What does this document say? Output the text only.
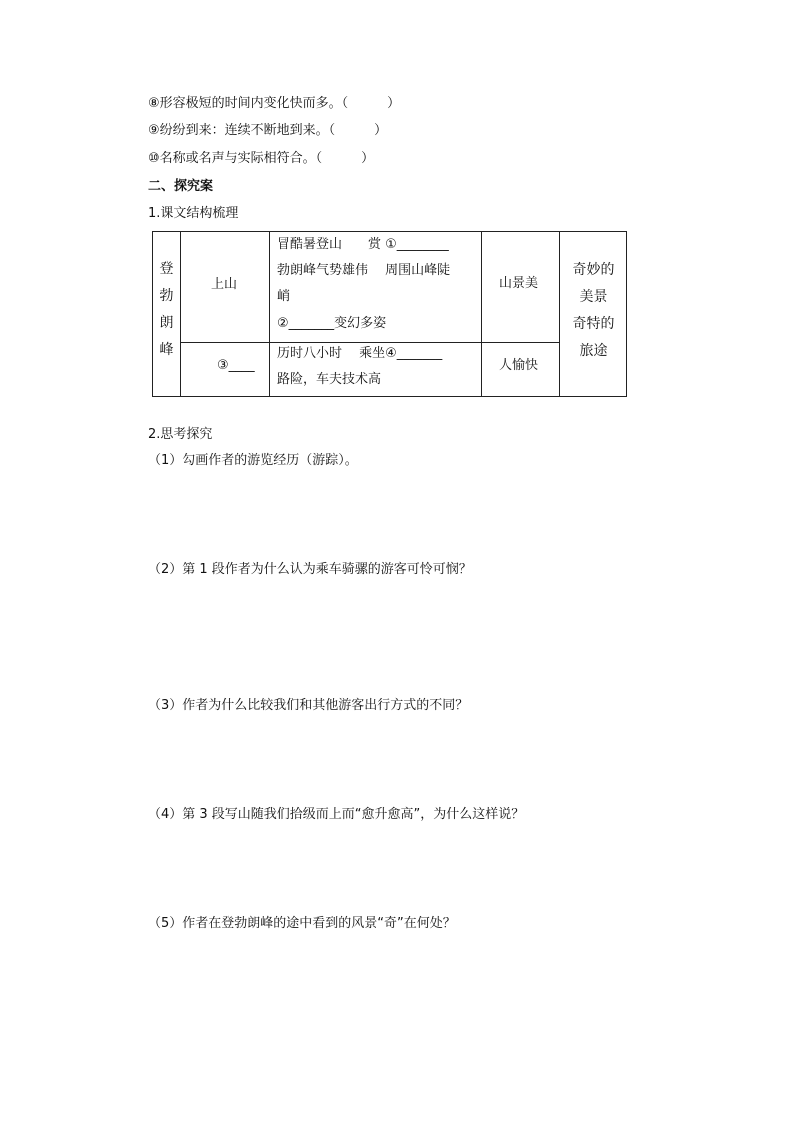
⑧形容极短的时间内变化快而多。（　　　）
⑨纷纷到来：连续不断地到来。（　　　）
⑩名称或名声与实际相符合。（　　　）
二、探究案
1.课文结构梳理
登
勃
朗
峰
上山
③____
冒酷暑登山　　赏 ①________
勃朗峰气势雄伟　 周围山峰陡
峭
②_______变幻多姿
历时八小时　 乘坐④_______
路险，车夫技术高
山景美
人愉快
奇妙的
美景
奇特的
旅途
2.思考探究
（1）勾画作者的游览经历（游踪）。
（2）第 1 段作者为什么认为乘车骑骡的游客可怜可悯？
（3）作者为什么比较我们和其他游客出行方式的不同？
（4）第 3 段写山随我们拾级而上而“愈升愈高”，为什么这样说？
（5）作者在登勃朗峰的途中看到的风景“奇”在何处？
